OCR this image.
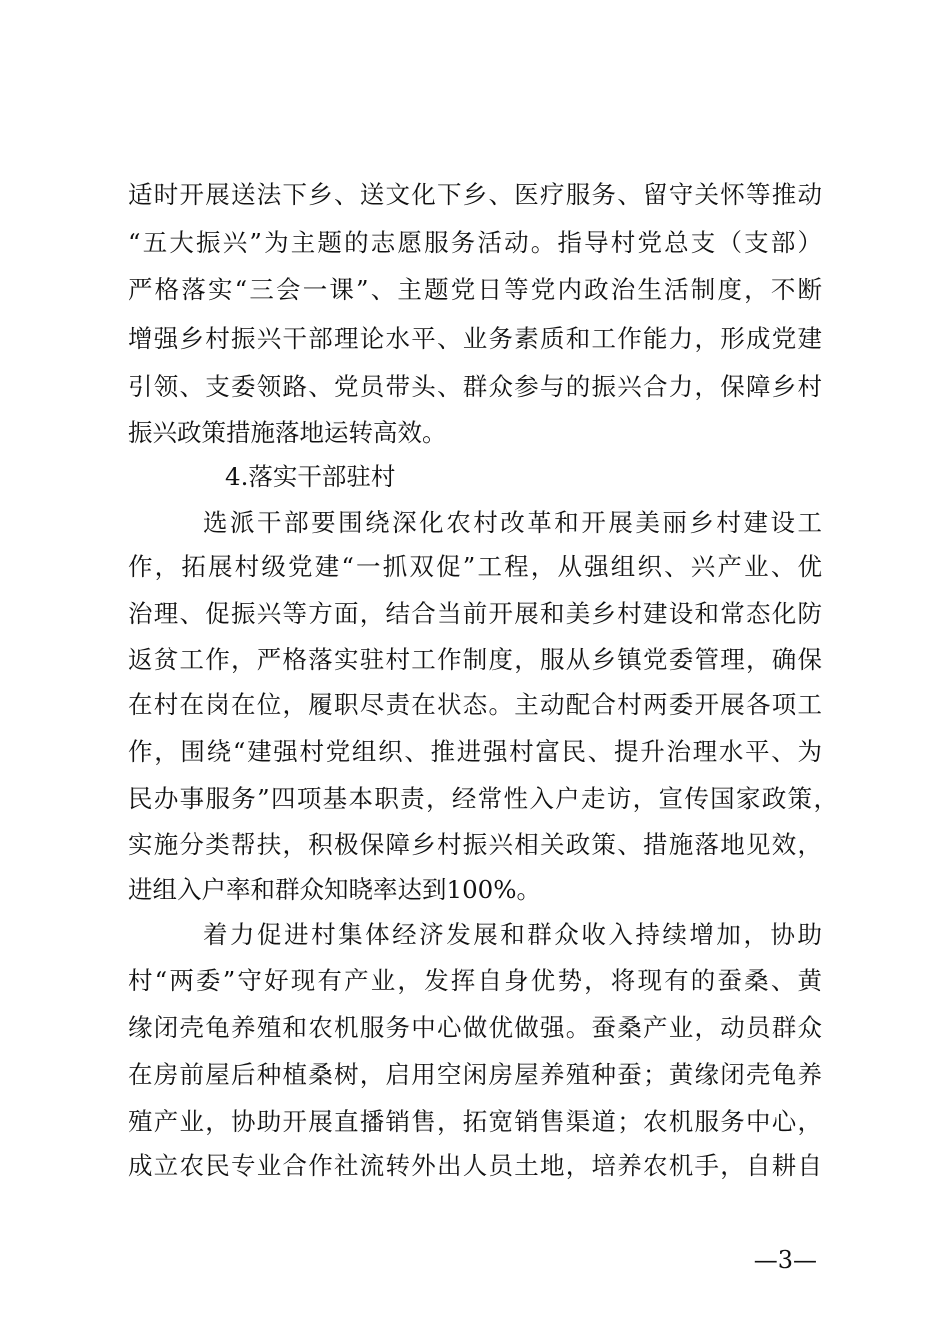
适时开展送法下乡、送文化下乡、医疗服务、留守关怀等推动
“五大振兴”为主题的志愿服务活动。指导村党总支（支部）
严格落实“三会一课”、主题党日等党内政治生活制度，不断
增强乡村振兴干部理论水平、业务素质和工作能力，形成党建
引领、支委领路、党员带头、群众参与的振兴合力，保障乡村
振兴政策措施落地运转高效。
4.落实干部驻村
选派干部要围绕深化农村改革和开展美丽乡村建设工
作，拓展村级党建“一抓双促”工程，从强组织、兴产业、优
治理、促振兴等方面，结合当前开展和美乡村建设和常态化防
返贫工作，严格落实驻村工作制度，服从乡镇党委管理，确保
在村在岗在位，履职尽责在状态。主动配合村两委开展各项工
作，围绕“建强村党组织、推进强村富民、提升治理水平、为
民办事服务”四项基本职责，经常性入户走访，宣传国家政策，
实施分类帮扶，积极保障乡村振兴相关政策、措施落地见效，
进组入户率和群众知晓率达到100%。
着力促进村集体经济发展和群众收入持续增加，协助
村“两委”守好现有产业，发挥自身优势，将现有的蚕桑、黄
缘闭壳龟养殖和农机服务中心做优做强。蚕桑产业，动员群众
在房前屋后种植桑树，启用空闲房屋养殖种蚕；黄缘闭壳龟养
殖产业，协助开展直播销售，拓宽销售渠道；农机服务中心，
成立农民专业合作社流转外出人员土地，培养农机手，自耕自
—3—
